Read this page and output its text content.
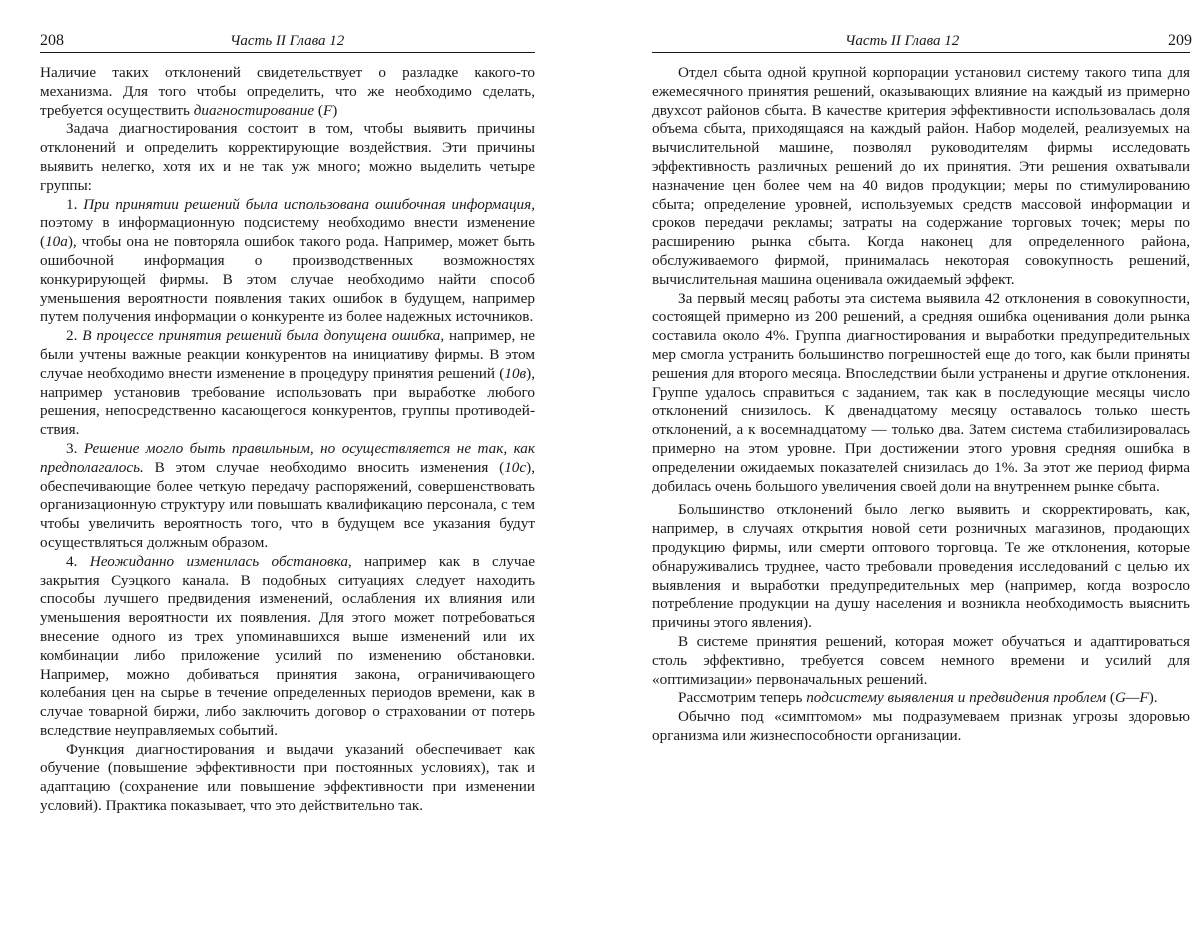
208	Часть II Глава 12

Наличие таких отклонений свидетельствует о разладке какого-то механизма. Для того чтобы определить, что же необходимо сделать, требуется осуществить диагностирование (F)

Задача диагностирования состоит в том, чтобы выявить причины отклонений и определить корректирующие воздействия. Эти причины выявить нелегко, хотя их и не так уж много; можно выделить четыре группы:

1. При принятии решений была использована ошибочная информация, поэтому в информационную подсистему необходимо внести изменение (10а), чтобы она не повторяла ошибок такого рода. Например, может быть ошибочной информация о производственных возможностях конкурирующей фирмы. В этом случае необходимо найти способ уменьшения вероятности появления таких ошибок в будущем, например путем получения информации о конкуренте из более надежных источников.

2. В процессе принятия решений была допущена ошибка, например, не были учтены важные реакции конкурентов на инициативу фирмы. В этом случае необходимо внести изменение в процедуру принятия решений (10в), например установив требование использовать при выработке любого решения, непосредственно касающегося конкурентов, группы противодействия.

3. Решение могло быть правильным, но осуществляется не так, как предполагалось. В этом случае необходимо вносить изменения (10с), обеспечивающие более четкую передачу распоряжений, совершенствовать организационную структуру или повышать квалификацию персонала, с тем чтобы увеличить вероятность того, что в будущем все указания будут осуществляться должным образом.

4. Неожиданно изменилась обстановка, например как в случае закрытия Суэцкого канала. В подобных ситуациях следует находить способы лучшего предвидения изменений, ослабления их влияния или уменьшения вероятности их появления. Для этого может потребоваться внесение одного из трех упоминавшихся выше изменений или их комбинации либо приложение усилий по изменению обстановки. Например, можно добиваться принятия закона, ограничивающего колебания цен на сырье в течение определенных периодов времени, как в случае товарной биржи, либо заключить договор о страховании от потерь вследствие неуправляемых событий.

Функция диагностирования и выдачи указаний обеспечивает как обучение (повышение эффективности при постоянных условиях), так и адаптацию (сохранение или повышение эффективности при изменении условий). Практика показывает, что это действительно так.

Часть II Глава 12	209

Отдел сбыта одной крупной корпорации установил систему такого типа для ежемесячного принятия решений, оказывающих влияние на каждый из примерно двухсот районов сбыта. В качестве критерия эффективности использовалась доля объема сбыта, приходящаяся на каждый район. Набор моделей, реализуемых на вычислительной машине, позволял руководителям фирмы исследовать эффективность различных решений до их принятия. Эти решения охватывали назначение цен более чем на 40 видов продукции; меры по стимулированию сбыта; определение уровней, используемых средств массовой информации и сроков передачи рекламы; затраты на содержание торговых точек; меры по расширению рынка сбыта. Когда наконец для определенного района, обслуживаемого фирмой, принималась некоторая совокупность решений, вычислительная машина оценивала ожидаемый эффект.

За первый месяц работы эта система выявила 42 отклонения в совокупности, состоящей примерно из 200 решений, а средняя ошибка оценивания доли рынка составила около 4%. Группа диагностирования и выработки предупредительных мер смогла устранить большинство погрешностей еще до того, как были приняты решения для второго месяца. Впоследствии были устранены и другие отклонения. Группе удалось справиться с заданием, так как в последующие месяцы число отклонений снизилось. К двенадцатому месяцу оставалось только шесть отклонений, а к восемнадцатому — только два. Затем система стабилизировалась примерно на этом уровне. При достижении этого уровня средняя ошибка в определении ожидаемых показателей снизилась до 1%. За этот же период фирма добилась очень большого увеличения своей доли на внутреннем рынке сбыта.

Большинство отклонений было легко выявить и скорректировать, как, например, в случаях открытия новой сети розничных магазинов, продающих продукцию фирмы, или смерти оптового торговца. Те же отклонения, которые обнаруживались труднее, часто требовали проведения исследований с целью их выявления и выработки предупредительных мер (например, когда возросло потребление продукции на душу населения и возникла необходимость выяснить причины этого явления).

В системе принятия решений, которая может обучаться и адаптироваться столь эффективно, требуется совсем немного времени и усилий для «оптимизации» первоначальных решений.

Рассмотрим теперь подсистему выявления и предвидения проблем (G—F).

Обычно под «симптомом» мы подразумеваем признак угрозы здоровью организма или жизнеспособности организации.
